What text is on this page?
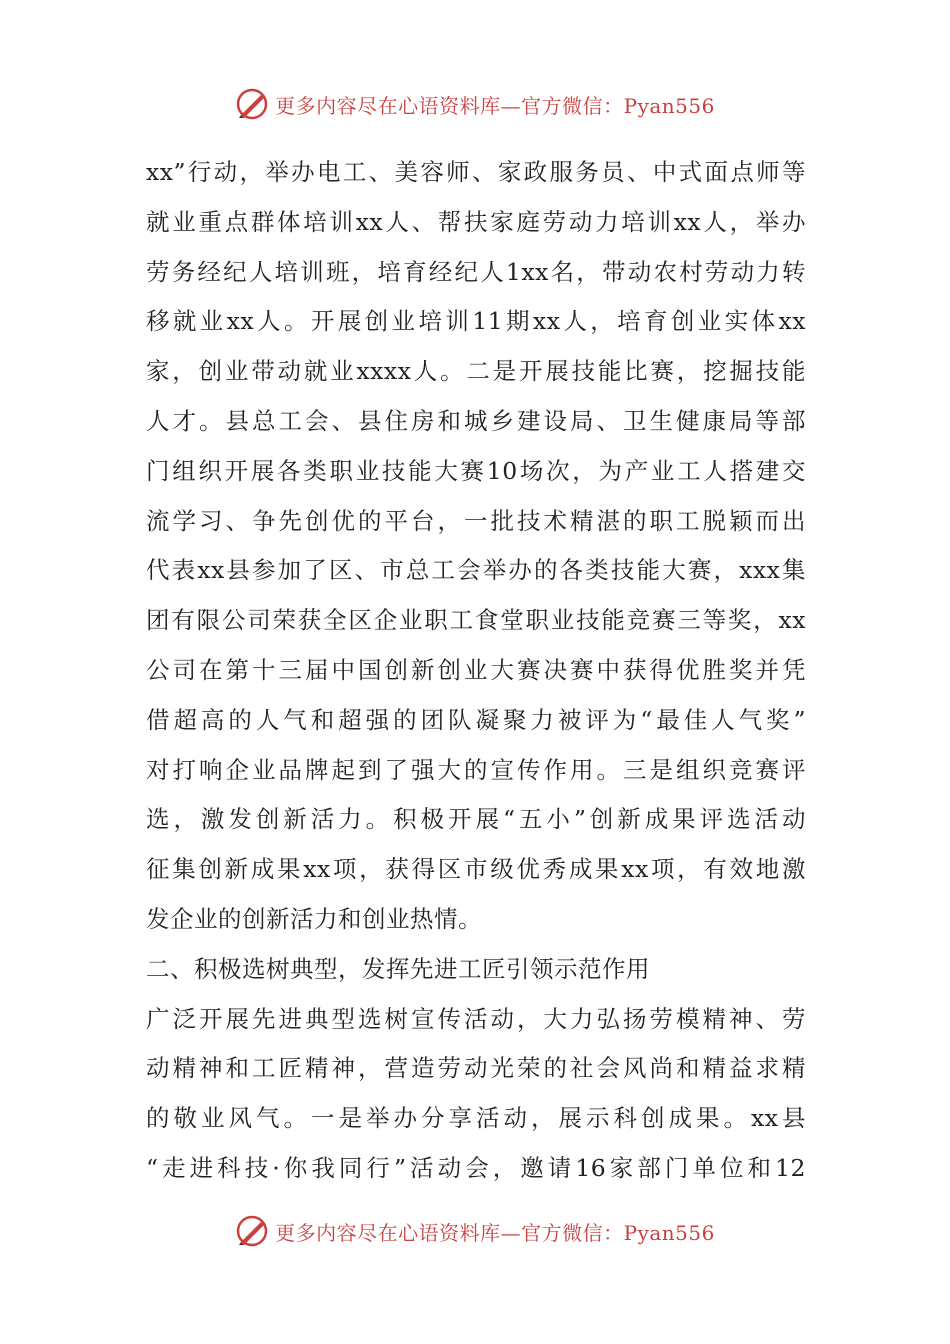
更多内容尽在心语资料库—官方微信：Pyan556
xx”行动，举办电工、美容师、家政服务员、中式面点师等
就业重点群体培训xx人、帮扶家庭劳动力培训xx人，举办
劳务经纪人培训班，培育经纪人1xx名，带动农村劳动力转
移就业xx人。开展创业培训11期xx人，培育创业实体xx
家，创业带动就业xxxx人。二是开展技能比赛，挖掘技能
人才。县总工会、县住房和城乡建设局、卫生健康局等部
门组织开展各类职业技能大赛10场次，为产业工人搭建交
流学习、争先创优的平台，一批技术精湛的职工脱颖而出
代表xx县参加了区、市总工会举办的各类技能大赛，xxx集
团有限公司荣获全区企业职工食堂职业技能竞赛三等奖，xx
公司在第十三届中国创新创业大赛决赛中获得优胜奖并凭
借超高的人气和超强的团队凝聚力被评为“最佳人气奖”
对打响企业品牌起到了强大的宣传作用。三是组织竞赛评
选，激发创新活力。积极开展“五小”创新成果评选活动
征集创新成果xx项，获得区市级优秀成果xx项，有效地激
发企业的创新活力和创业热情。
二、积极选树典型，发挥先进工匠引领示范作用
广泛开展先进典型选树宣传活动，大力弘扬劳模精神、劳
动精神和工匠精神，营造劳动光荣的社会风尚和精益求精
的敬业风气。一是举办分享活动，展示科创成果。xx县
“走进科技·你我同行”活动会，邀请16家部门单位和12
更多内容尽在心语资料库—官方微信：Pyan556
